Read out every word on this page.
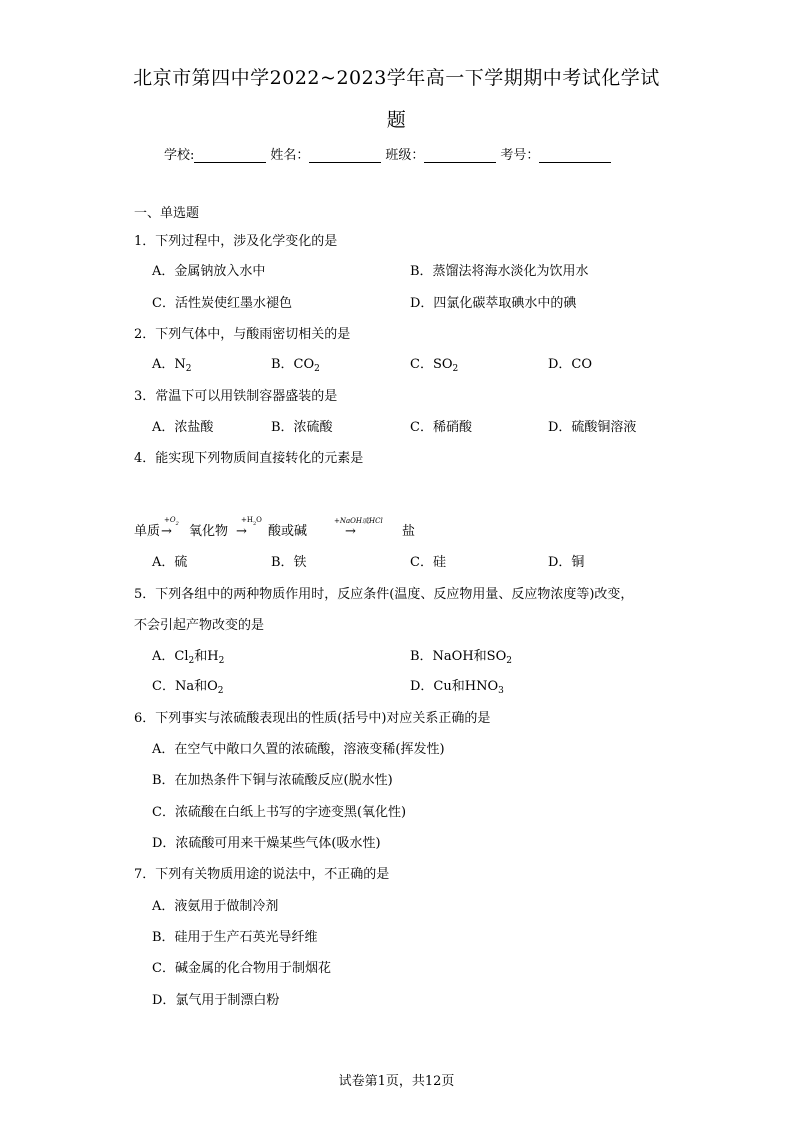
北京市第四中学2022~2023学年高一下学期期中考试化学试
题
学校:	姓名：	班级：	考号：
一、单选题
1．下列过程中，涉及化学变化的是
A．金属钠放入水中	B．蒸馏法将海水淡化为饮用水
C．活性炭使红墨水褪色	D．四氯化碳萃取碘水中的碘
2．下列气体中，与酸雨密切相关的是
A．$N_2$	B．$CO_2$	C．$SO_2$	D．CO
3．常温下可以用铁制容器盛装的是
A．浓盐酸	B．浓硫酸	C．稀硝酸	D．硫酸铜溶液
4．能实现下列物质间直接转化的元素是
$+O_2$	$+H_2O$	+NaOH或HCl
单质 → 氧化物 → 酸或碱	→	盐
A．硫	B．铁	C．硅	D．铜
5．下列各组中的两种物质作用时，反应条件(温度、反应物用量、反应物浓度等)改变，
不会引起产物改变的是
A．$Cl_2$和$H_2$	B．NaOH和$SO_2$
C．Na和$O_2$	D．Cu和$HNO_3$
6．下列事实与浓硫酸表现出的性质(括号中)对应关系正确的是
A．在空气中敞口久置的浓硫酸，溶液变稀(挥发性)
B．在加热条件下铜与浓硫酸反应(脱水性)
C．浓硫酸在白纸上书写的字迹变黑(氧化性)
D．浓硫酸可用来干燥某些气体(吸水性)
7．下列有关物质用途的说法中，不正确的是
A．液氨用于做制冷剂
B．硅用于生产石英光导纤维
C．碱金属的化合物用于制烟花
D．氯气用于制漂白粉
试卷第1页，共12页
